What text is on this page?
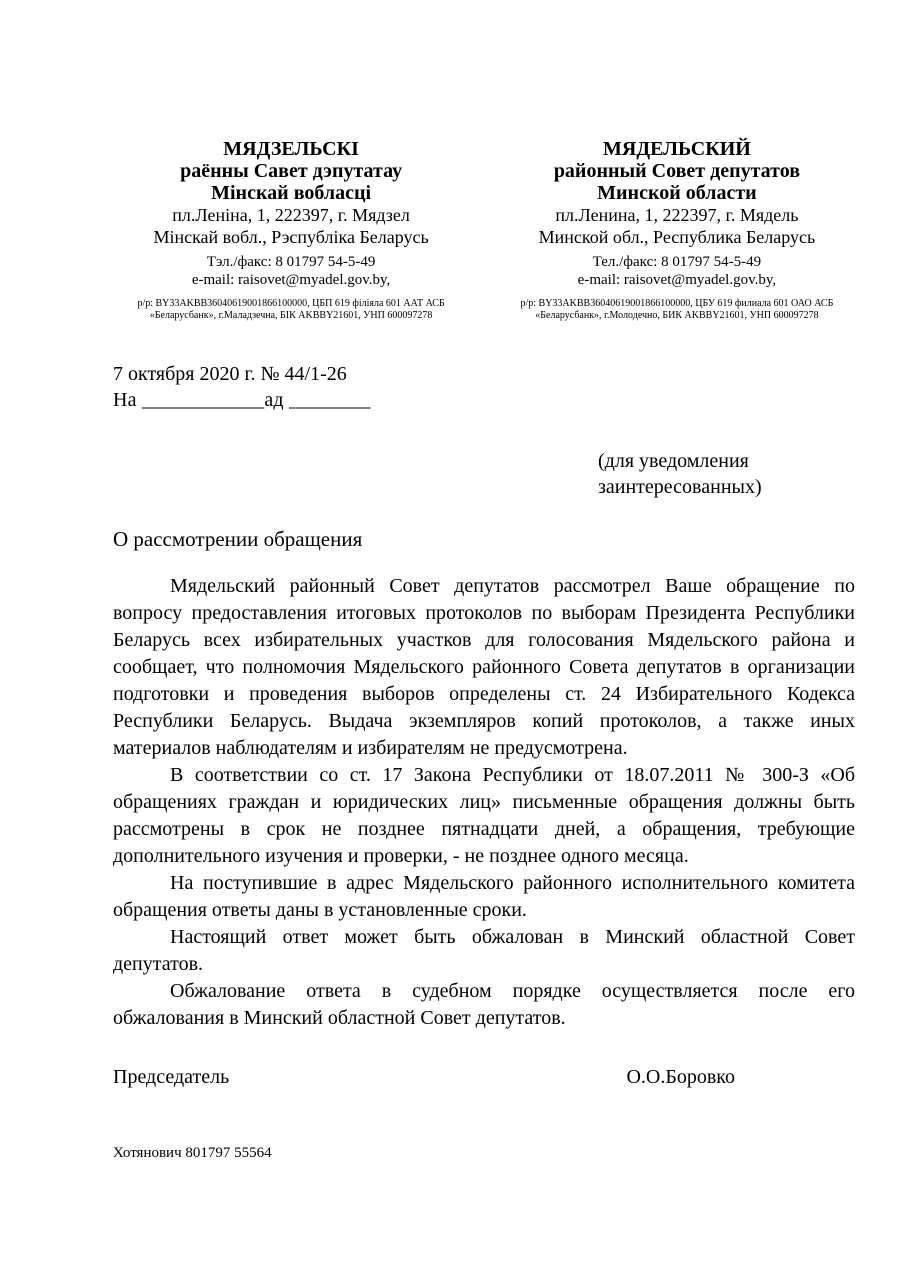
МЯДЗЕЛЬСКІ
раённы Савет дэпутатау
Мінскай вобласці
пл.Леніна, 1, 222397, г. Мядзел
Мінскай вобл., Рэспубліка Беларусь
Тэл./факс: 8 01797 54-5-49
e-mail: raisovet@myadel.gov.by,
р/р: BY33AKBB36040619001866100000, ЦБП 619 філіяла 601 ААТ АСБ
«Беларусбанк», г.Маладзечна, БІК AKBBY21601, УНП 600097278
МЯДЕЛЬСКИЙ
районный Совет депутатов
Минской области
пл.Ленина, 1, 222397, г. Мядель
Минской обл., Республика Беларусь
Тел./факс: 8 01797 54-5-49
e-mail: raisovet@myadel.gov.by,
р/р: BY33AKBB36040619001866100000, ЦБУ 619 филиала 601 ОАО АСБ
«Беларусбанк», г.Молодечно, БИК AKBBY21601, УНП 600097278
7 октября 2020 г. № 44/1-26
На ____________ад ________
(для уведомления
заинтересованных)
О рассмотрении обращения

Мядельский районный Совет депутатов рассмотрел Ваше обращение по вопросу предоставления итоговых протоколов по выборам Президента Республики Беларусь всех избирательных участков для голосования Мядельского района и сообщает, что полномочия Мядельского районного Совета депутатов в организации подготовки и проведения выборов определены ст. 24 Избирательного Кодекса Республики Беларусь. Выдача экземпляров копий протоколов, а также иных материалов наблюдателям и избирателям не предусмотрена.

В соответствии со ст. 17 Закона Республики от 18.07.2011 № 300-З «Об обращениях граждан и юридических лиц» письменные обращения должны быть рассмотрены в срок не позднее пятнадцати дней, а обращения, требующие дополнительного изучения и проверки, - не позднее одного месяца.

На поступившие в адрес Мядельского районного исполнительного комитета обращения ответы даны в установленные сроки.

Настоящий ответ может быть обжалован в Минский областной Совет депутатов.

Обжалование ответа в судебном порядке осуществляется после его обжалования в Минский областной Совет депутатов.

Председатель	О.О.Боровко
Хотянович 801797 55564
